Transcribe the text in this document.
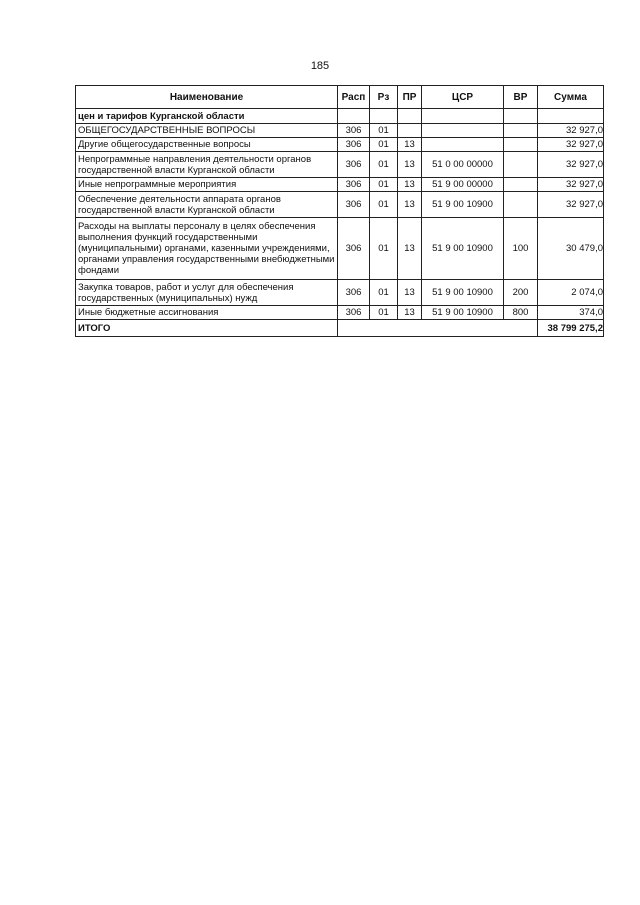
185
Наименование	Расп	Рз	ПР	ЦСР	ВР	Сумма
цен и тарифов Курганской области						
ОБЩЕГОСУДАРСТВЕННЫЕ ВОПРОСЫ	306	01				32 927,0
Другие общегосударственные вопросы	306	01	13			32 927,0
Непрограммные направления деятельности органов государственной власти Курганской области	306	01	13	51 0 00 00000		32 927,0
Иные непрограммные мероприятия	306	01	13	51 9 00 00000		32 927,0
Обеспечение деятельности аппарата органов государственной власти Курганской области	306	01	13	51 9 00 10900		32 927,0
Расходы на выплаты персоналу в целях обеспечения выполнения функций государственными (муниципальными) органами, казенными учреждениями, органами управления государственными внебюджетными фондами	306	01	13	51 9 00 10900	100	30 479,0
Закупка товаров, работ и услуг для обеспечения государственных (муниципальных) нужд	306	01	13	51 9 00 10900	200	2 074,0
Иные бюджетные ассигнования	306	01	13	51 9 00 10900	800	374,0
ИТОГО						38 799 275,2
